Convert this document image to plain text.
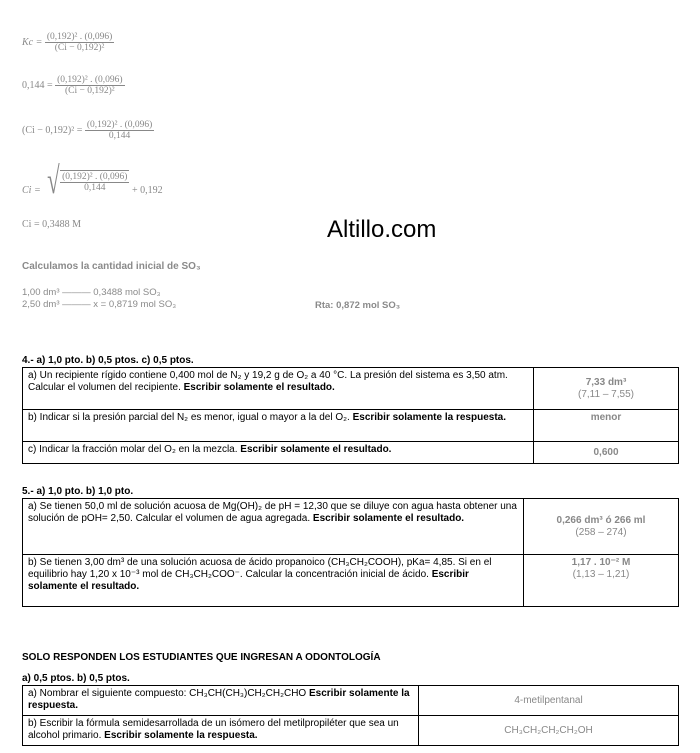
$Kc = \frac{\text{(0,192)² . (0,096)}}{\text{(Ci − 0,192)²}}$
$0,144 = \frac{\text{(0,192)² . (0,096)}}{\text{(Ci − 0,192)²}}$
$(Ci - 0,192)^2 = \frac{\text{(0,192)² . (0,096)}}{0,144}$
Ci = √ $\frac{\text{(0,192)² . (0,096)}}{0,144} + 0,192$
Ci = 0,3488 M	Altillo.com
Calculamos la cantidad inicial de SO₃
1,00 dm³ ——— 0,3488 mol SO₃
2,50 dm³ ——— x = 0,8719 mol SO₃	Rta: 0,872 mol SO₃
4.- a) 1,0 pto. b) 0,5 ptos. c) 0,5 ptos.
a) Un recipiente rígido contiene 0,400 mol de N₂ y 19,2 g de O₂ a 40 °C. La presión del sistema es 3,50 atm. Calcular el volumen del recipiente. Escribir solamente el resultado.	7,33 dm³
(7,11 – 7,55)

b) Indicar si la presión parcial del N₂ es menor, igual o mayor a la del O₂. Escribir solamente la respuesta.	menor

c) Indicar la fracción molar del O₂ en la mezcla. Escribir solamente el resultado.	0,600
5.- a) 1,0 pto. b) 1,0 pto.
a) Se tienen 50,0 ml de solución acuosa de Mg(OH)₂ de pH = 12,30 que se diluye con agua hasta obtener una solución de pOH= 2,50. Calcular el volumen de agua agregada. Escribir solamente el resultado.	0,266 dm³ ó 266 ml
(258 – 274)

b) Se tienen 3,00 dm³ de una solución acuosa de ácido propanoico (CH₃CH₂COOH), pKa= 4,85. Si en el equilibrio hay 1,20 x 10⁻³ mol de CH₃CH₂COO⁻. Calcular la concentración inicial de ácido. Escribir solamente el resultado.	1,17 . 10⁻² M
(1,13 – 1,21)
SOLO RESPONDEN LOS ESTUDIANTES QUE INGRESAN A ODONTOLOGÍA
a) 0,5 ptos. b) 0,5 ptos.
a) Nombrar el siguiente compuesto: CH₃CH(CH₃)CH₂CH₂CHO Escribir solamente la respuesta.	4-metilpentanal

b) Escribir la fórmula semidesarrollada de un isómero del metilpropiléter que sea un alcohol primario. Escribir solamente la respuesta.	CH₃CH₂CH₂CH₂OH
